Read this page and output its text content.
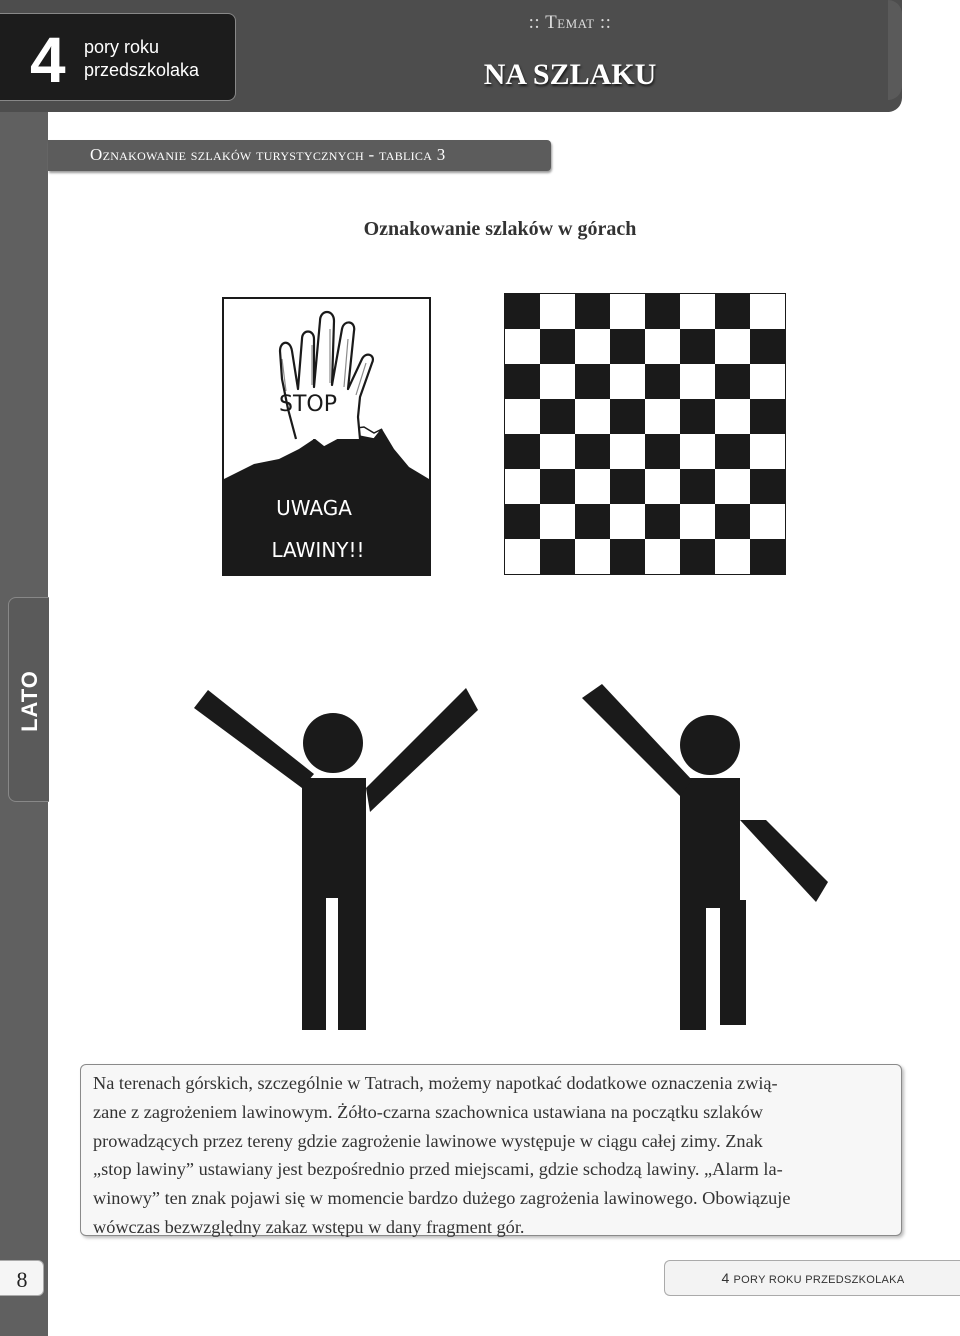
4 pory roku
przedszkolaka
:: Temat ::
NA SZLAKU
Oznakowanie szlaków turystycznych - tablica 3
Oznakowanie szlaków w górach
STOP
UWAGA
LAWINY!!
LATO
Na terenach górskich, szczególnie w Tatrach, możemy napotkać dodatkowe oznaczenia zwią-
zane z zagrożeniem lawinowym. Żółto-czarna szachownica ustawiana na początku szlaków
prowadzących przez tereny gdzie zagrożenie lawinowe występuje w ciągu całej zimy. Znak
„stop lawiny” ustawiany jest bezpośrednio przed miejscami, gdzie schodzą lawiny. „Alarm la-
winowy” ten znak pojawi się w momencie bardzo dużego zagrożenia lawinowego. Obowiązuje
wówczas bezwzględny zakaz wstępu w dany fragment gór.
8	4 PORY ROKU PRZEDSZKOLAKA
